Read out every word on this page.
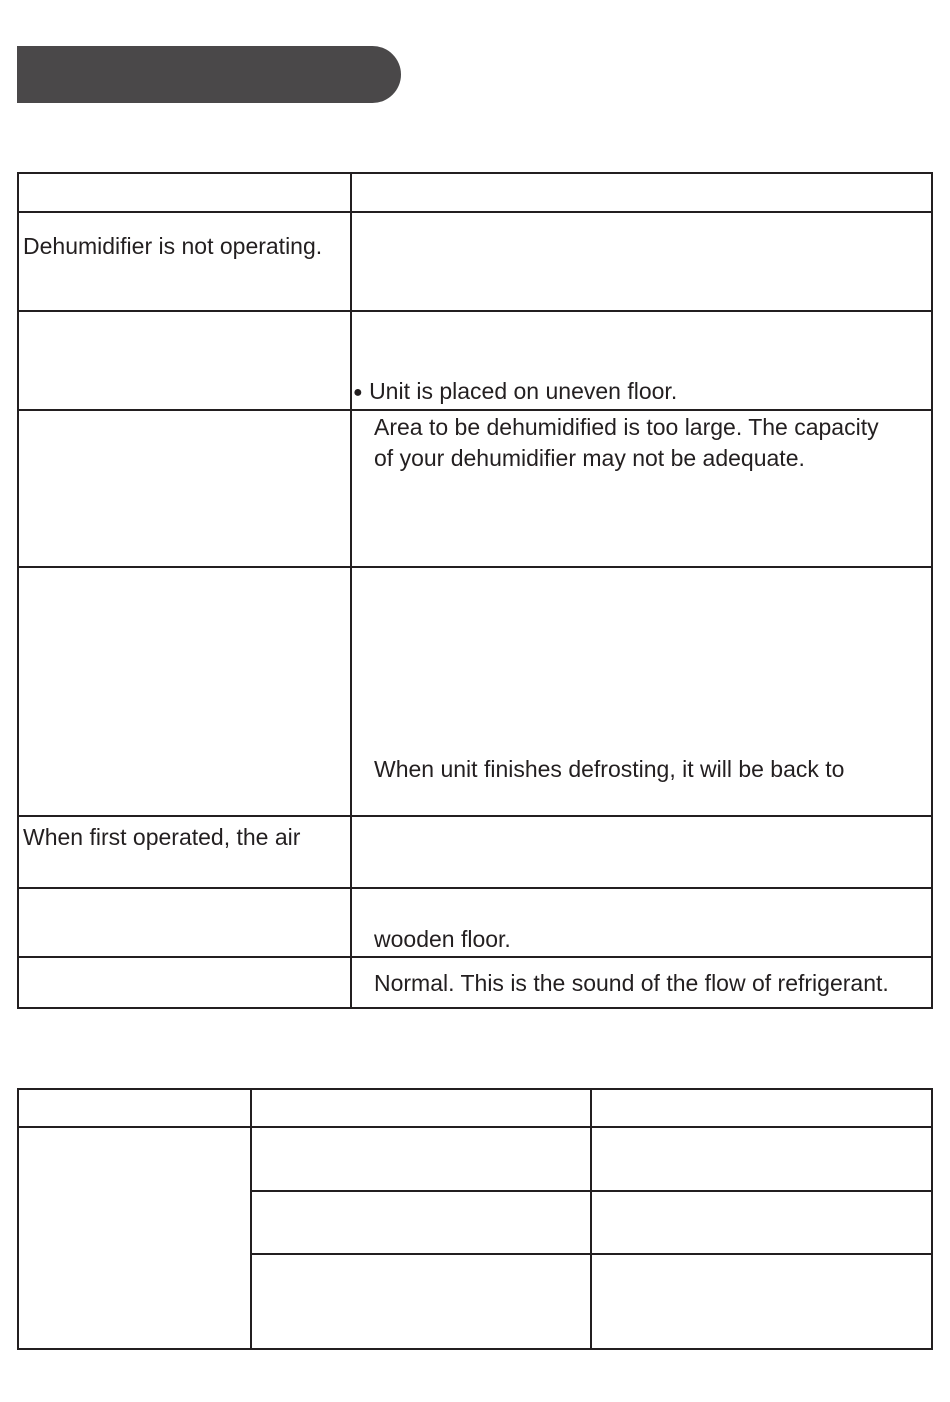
Dehumidifier is not operating.

When first operated, the air

● Unit is placed on uneven floor.

Area to be dehumidified is too large. The capacity

of your dehumidifier may not be adequate.

When unit finishes defrosting, it will be back to

wooden floor.

Normal. This is the sound of the flow of refrigerant.
